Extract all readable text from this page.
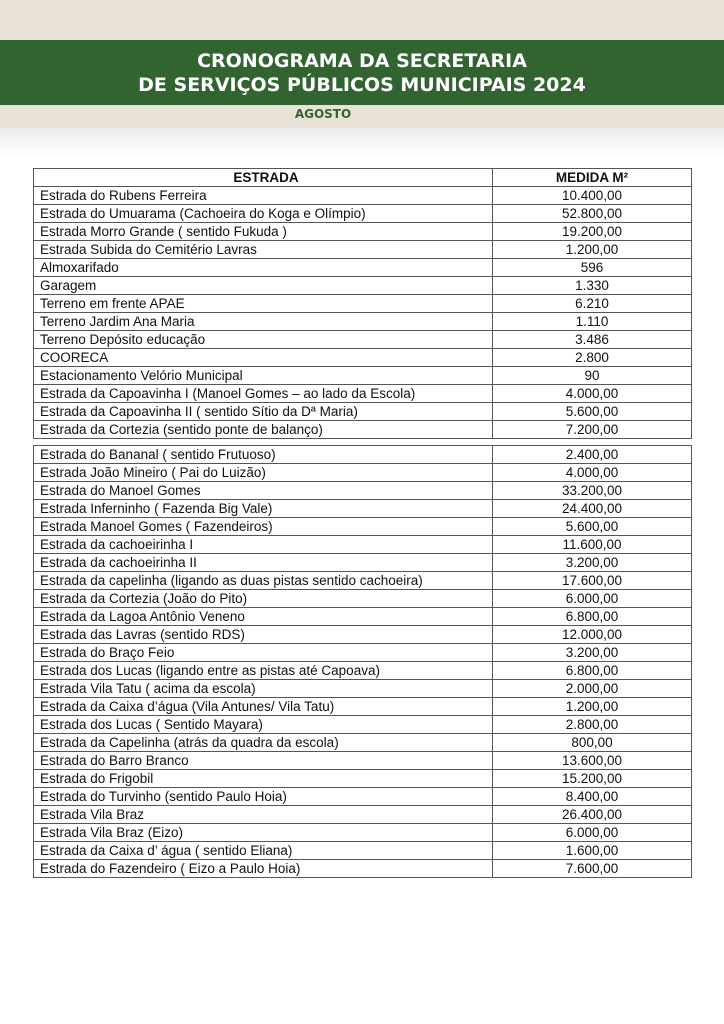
CRONOGRAMA DA SECRETARIA
DE SERVIÇOS PÚBLICOS MUNICIPAIS 2024
AGOSTO
ESTRADA	MEDIDA M²
Estrada do Rubens Ferreira	10.400,00
Estrada do Umuarama (Cachoeira do Koga e Olímpio)	52.800,00
Estrada Morro Grande ( sentido Fukuda )	19.200,00
Estrada Subida do Cemitério Lavras	1.200,00
Almoxarifado	596
Garagem	1.330
Terreno em frente APAE	6.210
Terreno Jardim Ana Maria	1.110
Terreno Depósito educação	3.486
COORECA	2.800
Estacionamento Velório Municipal	90
Estrada da Capoavinha I (Manoel Gomes – ao lado da Escola)	4.000,00
Estrada da Capoavinha II ( sentido Sítio da Dª Maria)	5.600,00
Estrada da Cortezia (sentido ponte de balanço)	7.200,00
Estrada do Bananal ( sentido Frutuoso)	2.400,00
Estrada João Mineiro ( Pai do Luizão)	4.000,00
Estrada do Manoel Gomes	33.200,00
Estrada Inferninho ( Fazenda Big Vale)	24.400,00
Estrada Manoel Gomes ( Fazendeiros)	5.600,00
Estrada da cachoeirinha I	11.600,00
Estrada da cachoeirinha II	3.200,00
Estrada da capelinha (ligando as duas pistas sentido cachoeira)	17.600,00
Estrada da Cortezia (João do Pito)	6.000,00
Estrada da Lagoa Antônio Veneno	6.800,00
Estrada das Lavras (sentido RDS)	12.000,00
Estrada do Braço Feio	3.200,00
Estrada dos Lucas (ligando entre as pistas até Capoava)	6.800,00
Estrada Vila Tatu ( acima da escola)	2.000,00
Estrada da Caixa d’água (Vila Antunes/ Vila Tatu)	1.200,00
Estrada dos Lucas ( Sentido Mayara)	2.800,00
Estrada da Capelinha (atrás da quadra da escola)	800,00
Estrada do Barro Branco	13.600,00
Estrada do Frigobil	15.200,00
Estrada do Turvinho (sentido Paulo Hoia)	8.400,00
Estrada Vila Braz	26.400,00
Estrada Vila Braz (Eizo)	6.000,00
Estrada da Caixa d’ água ( sentido Eliana)	1.600,00
Estrada do Fazendeiro ( Eizo a Paulo Hoia)	7.600,00
